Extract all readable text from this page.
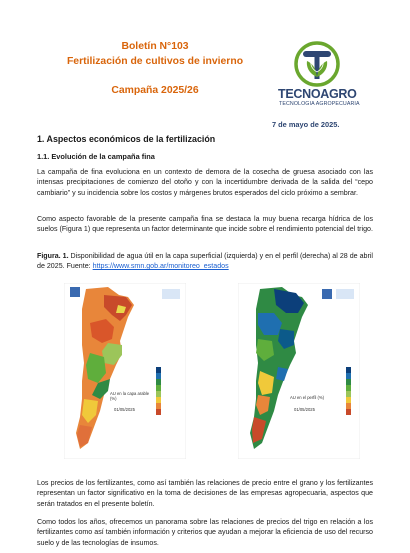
Boletín N°103
Fertilización de cultivos de invierno
Campaña 2025/26	TECNOAGRO
TECNOLOGIA AGROPECUARIA
7 de mayo de 2025.
1. Aspectos económicos de la fertilización
1.1. Evolución de la campaña fina
La campaña de fina evoluciona en un contexto de demora de la cosecha de gruesa asociado con las intensas precipitaciones de comienzo del otoño y con la incertidumbre derivada de la salida del “cepo cambiario” y su incidencia sobre los costos y márgenes brutos esperados del ciclo próximo a sembrar.
Como aspecto favorable de la presente campaña fina se destaca la muy buena recarga hídrica de los suelos (Figura 1) que representa un factor determinante que incide sobre el rendimiento potencial del trigo.
Figura. 1. Disponibilidad de agua útil en la capa superficial (izquierda) y en el perfil (derecha) al 28 de abril de 2025. Fuente: https://www.smn.gob.ar/monitoreo_estados
AU en la capa arable (%)
01/05/2025
AU en el perfil (%)
01/05/2025
Los precios de los fertilizantes, como así también las relaciones de precio entre el grano y los fertilizantes representan un factor significativo en la toma de decisiones de las empresas agropecuaria, aspectos que serán tratados en el presente boletín.
Como todos los años, ofrecemos un panorama sobre las relaciones de precios del trigo en relación a los fertilizantes como así también información y criterios que ayudan a mejorar la eficiencia de uso del recurso suelo y de las tecnologías de insumos.
